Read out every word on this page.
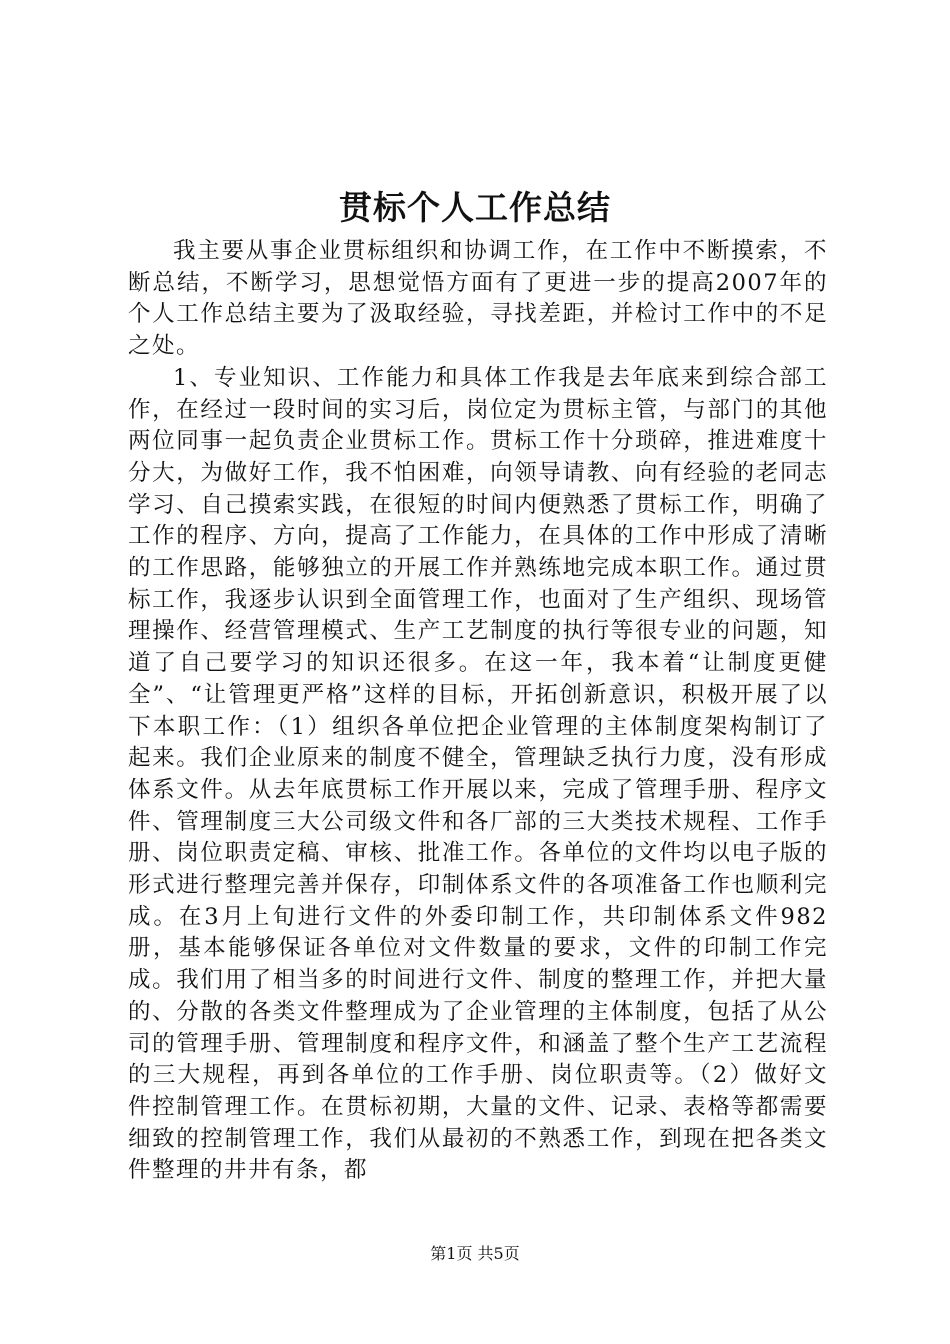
贯标个人工作总结

我主要从事企业贯标组织和协调工作，在工作中不断摸索，不断总结，不断学习，思想觉悟方面有了更进一步的提高2007年的个人工作总结主要为了汲取经验，寻找差距，并检讨工作中的不足之处。

1、专业知识、工作能力和具体工作我是去年底来到综合部工作，在经过一段时间的实习后，岗位定为贯标主管，与部门的其他两位同事一起负责企业贯标工作。贯标工作十分琐碎，推进难度十分大，为做好工作，我不怕困难，向领导请教、向有经验的老同志学习、自己摸索实践，在很短的时间内便熟悉了贯标工作，明确了工作的程序、方向，提高了工作能力，在具体的工作中形成了清晰的工作思路，能够独立的开展工作并熟练地完成本职工作。通过贯标工作，我逐步认识到全面管理工作，也面对了生产组织、现场管理操作、经营管理模式、生产工艺制度的执行等很专业的问题，知道了自己要学习的知识还很多。在这一年，我本着“让制度更健全”、“让管理更严格”这样的目标，开拓创新意识，积极开展了以下本职工作：（1）组织各单位把企业管理的主体制度架构制订了起来。我们企业原来的制度不健全，管理缺乏执行力度，没有形成体系文件。从去年底贯标工作开展以来，完成了管理手册、程序文件、管理制度三大公司级文件和各厂部的三大类技术规程、工作手册、岗位职责定稿、审核、批准工作。各单位的文件均以电子版的形式进行整理完善并保存，印制体系文件的各项准备工作也顺利完成。在3月上旬进行文件的外委印制工作，共印制体系文件982册，基本能够保证各单位对文件数量的要求，文件的印制工作完成。我们用了相当多的时间进行文件、制度的整理工作，并把大量的、分散的各类文件整理成为了企业管理的主体制度，包括了从公司的管理手册、管理制度和程序文件，和涵盖了整个生产工艺流程的三大规程，再到各单位的工作手册、岗位职责等。（2）做好文件控制管理工作。在贯标初期，大量的文件、记录、表格等都需要细致的控制管理工作，我们从最初的不熟悉工作，到现在把各类文件整理的井井有条，都

第1页 共5页
